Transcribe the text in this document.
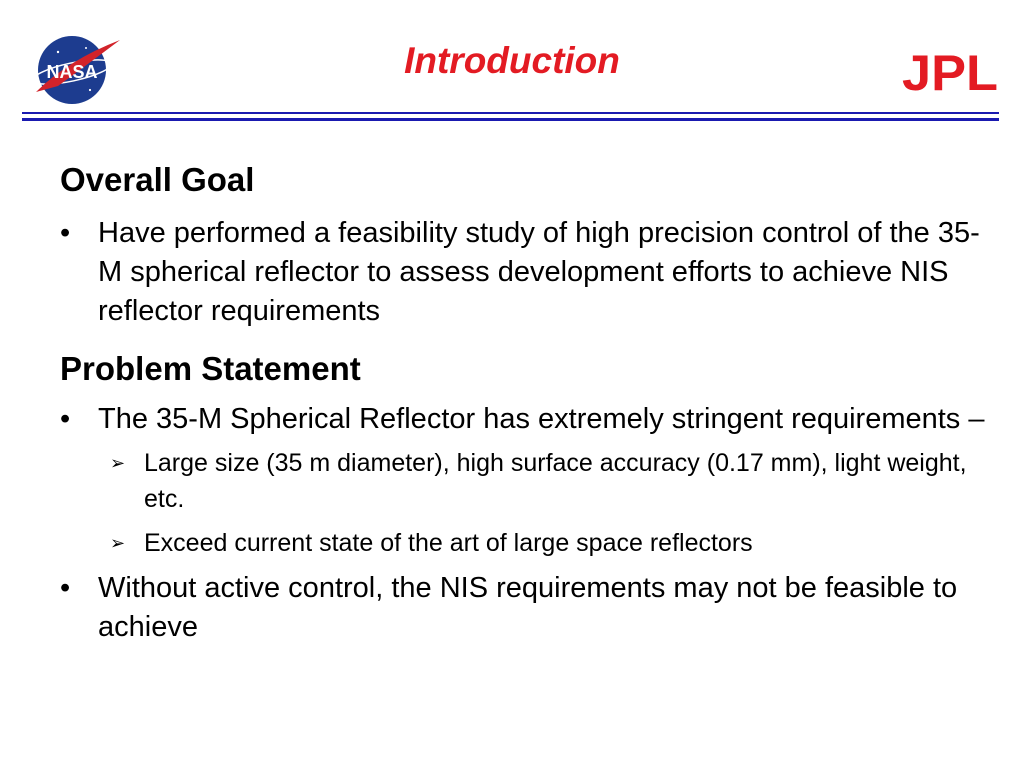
NASA	Introduction	JPL
Overall Goal
• Have performed a feasibility study of high precision control of the 35-M spherical reflector to assess development efforts to achieve NIS reflector requirements
Problem Statement
• The 35-M Spherical Reflector has extremely stringent requirements –
➢ Large size (35 m diameter), high surface accuracy (0.17 mm), light weight, etc.
➢ Exceed current state of the art of large space reflectors
• Without active control, the NIS requirements may not be feasible to achieve
